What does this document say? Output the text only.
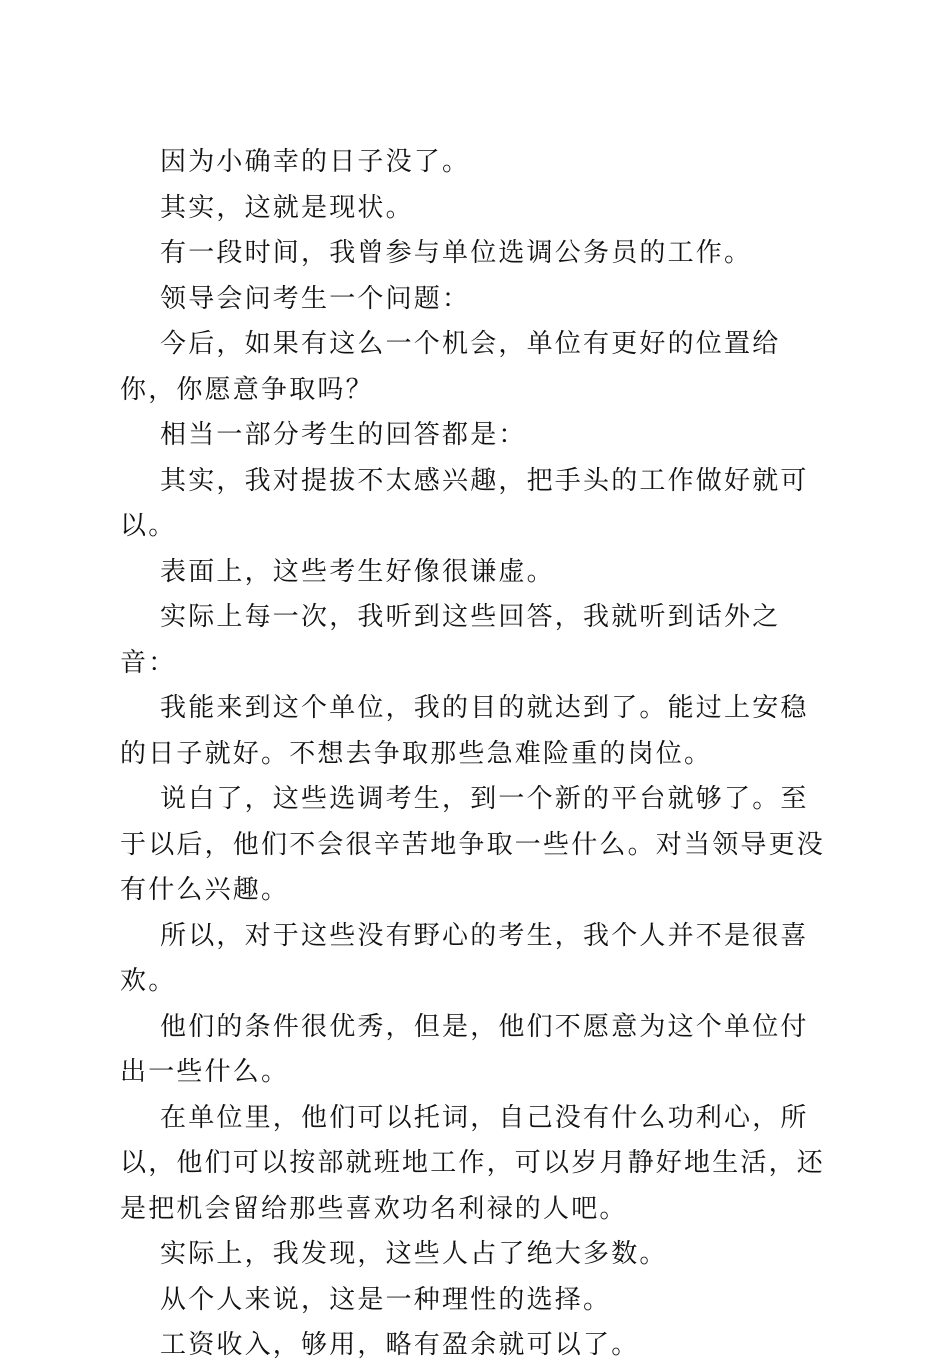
因为小确幸的日子没了。

其实，这就是现状。

有一段时间，我曾参与单位选调公务员的工作。

领导会问考生一个问题：

今后，如果有这么一个机会，单位有更好的位置给你，你愿意争取吗？

相当一部分考生的回答都是：

其实，我对提拔不太感兴趣，把手头的工作做好就可以。

表面上，这些考生好像很谦虚。

实际上每一次，我听到这些回答，我就听到话外之音：

我能来到这个单位，我的目的就达到了。能过上安稳的日子就好。不想去争取那些急难险重的岗位。

说白了，这些选调考生，到一个新的平台就够了。至于以后，他们不会很辛苦地争取一些什么。对当领导更没有什么兴趣。

所以，对于这些没有野心的考生，我个人并不是很喜欢。

他们的条件很优秀，但是，他们不愿意为这个单位付出一些什么。

在单位里，他们可以托词，自己没有什么功利心，所以，他们可以按部就班地工作，可以岁月静好地生活，还是把机会留给那些喜欢功名利禄的人吧。

实际上，我发现，这些人占了绝大多数。

从个人来说，这是一种理性的选择。

工资收入，够用，略有盈余就可以了。
